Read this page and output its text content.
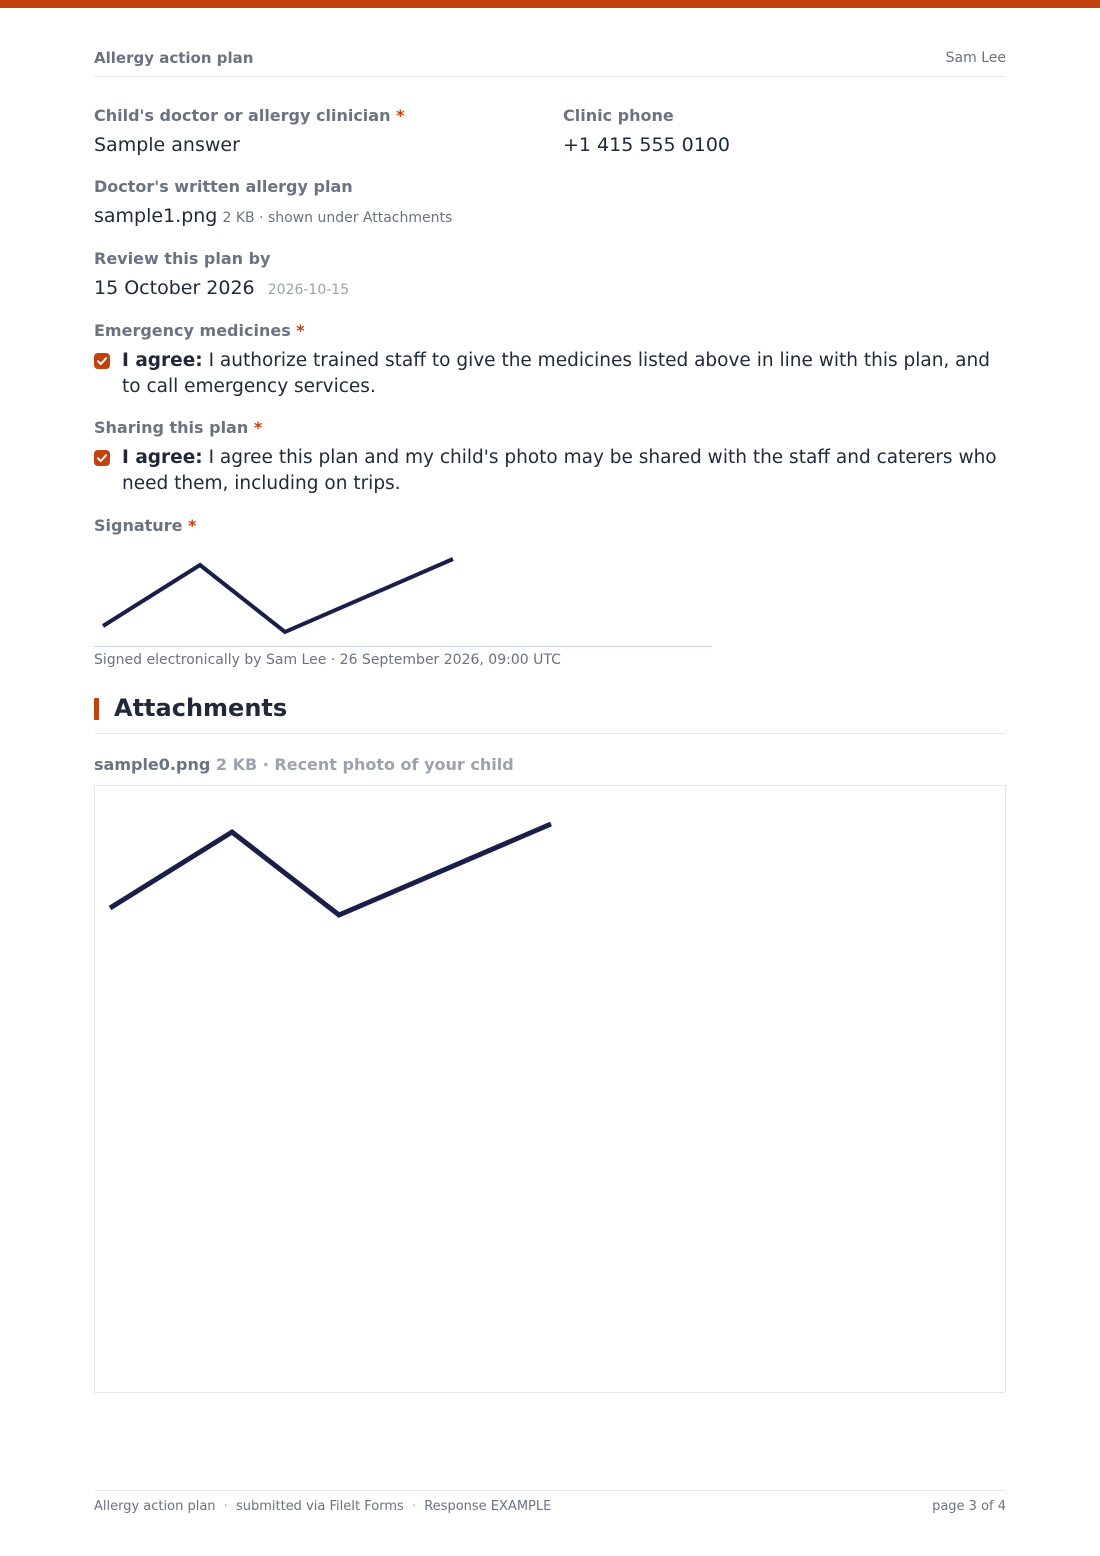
Allergy action plan	Sam Lee
Child's doctor or allergy clinician *
Sample answer
Clinic phone
+1 415 555 0100
Doctor's written allergy plan
sample1.png 2 KB · shown under Attachments
Review this plan by
15 October 2026 2026-10-15
Emergency medicines *
I agree: I authorize trained staff to give the medicines listed above in line with this plan, and to call emergency services.
Sharing this plan *
I agree: I agree this plan and my child's photo may be shared with the staff and caterers who need them, including on trips.
Signature *
Signed electronically by Sam Lee · 26 September 2026, 09:00 UTC
Attachments
sample0.png 2 KB · Recent photo of your child
Allergy action plan · submitted via FileIt Forms · Response EXAMPLE	page 3 of 4
